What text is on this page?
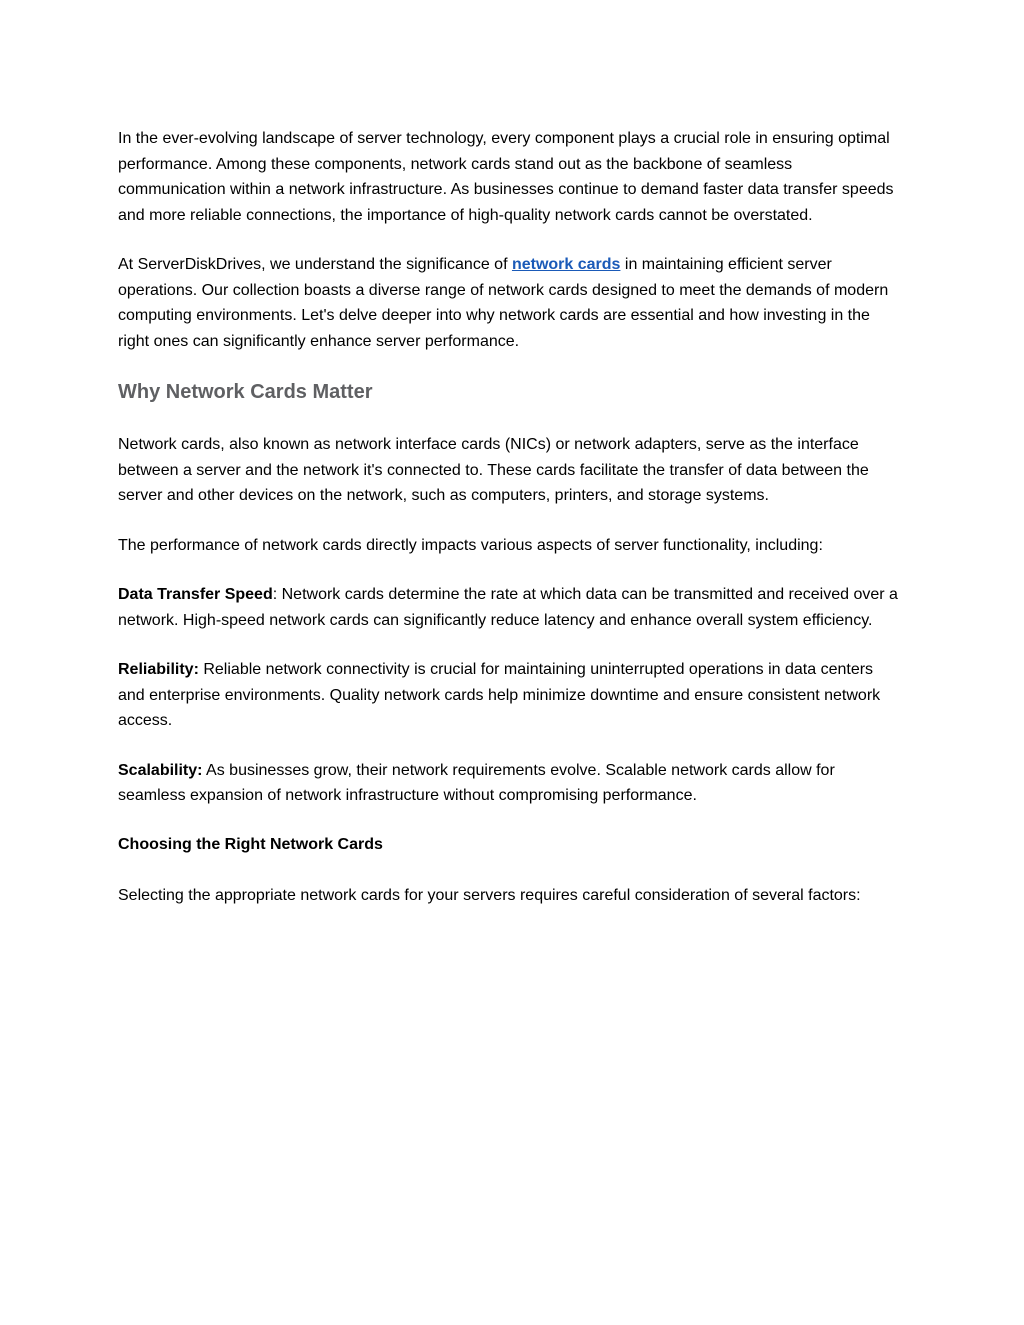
In the ever-evolving landscape of server technology, every component plays a crucial role in ensuring optimal performance. Among these components, network cards stand out as the backbone of seamless communication within a network infrastructure. As businesses continue to demand faster data transfer speeds and more reliable connections, the importance of high-quality network cards cannot be overstated.

At ServerDiskDrives, we understand the significance of network cards in maintaining efficient server operations. Our collection boasts a diverse range of network cards designed to meet the demands of modern computing environments. Let's delve deeper into why network cards are essential and how investing in the right ones can significantly enhance server performance.

Why Network Cards Matter

Network cards, also known as network interface cards (NICs) or network adapters, serve as the interface between a server and the network it's connected to. These cards facilitate the transfer of data between the server and other devices on the network, such as computers, printers, and storage systems.

The performance of network cards directly impacts various aspects of server functionality, including:

Data Transfer Speed: Network cards determine the rate at which data can be transmitted and received over a network. High-speed network cards can significantly reduce latency and enhance overall system efficiency.

Reliability: Reliable network connectivity is crucial for maintaining uninterrupted operations in data centers and enterprise environments. Quality network cards help minimize downtime and ensure consistent network access.

Scalability: As businesses grow, their network requirements evolve. Scalable network cards allow for seamless expansion of network infrastructure without compromising performance.

Choosing the Right Network Cards

Selecting the appropriate network cards for your servers requires careful consideration of several factors:
